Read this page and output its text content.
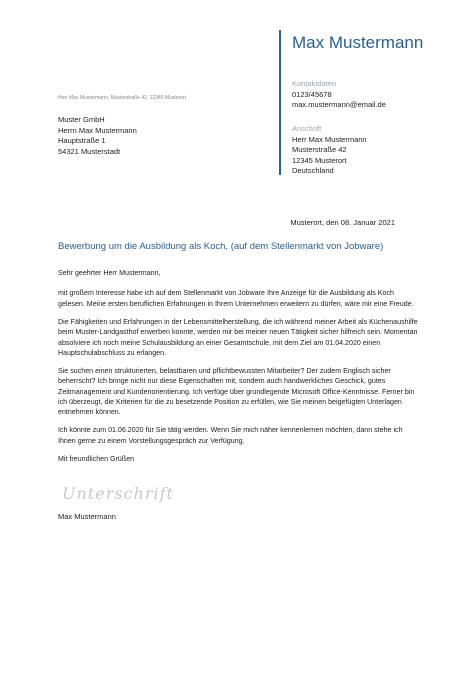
Max Mustermann
Kontaktdaten
0123/45678
max.mustermann@email.de
Anschrift
Herr Max Mustermann
Musterstraße 42
12345 Musterort
Deutschland
Herr Max Mustermann, Musterstraße 42, 12345 Musterort
Muster GmbH
Herrn Max Mustermann
Hauptstraße 1
54321 Musterstadt
Musterort, den 08. Januar 2021
Bewerbung um die Ausbildung als Koch, (auf dem Stellenmarkt von Jobware)

Sehr geehrter Herr Mustermann,

mit großem Interesse habe ich auf dem Stellenmarkt von Jobware Ihre Anzeige für die Ausbildung als Koch gelesen. Meine ersten beruflichen Erfahrungen in Ihrem Unternehmen erweitern zu dürfen, wäre mir eine Freude.

Die Fähigkeiten und Erfahrungen in der Lebensmittelherstellung, die ich während meiner Arbeit als Küchenaushilfe beim Muster-Landgasthof erwerben konnte, werden mir bei meiner neuen Tätigkeit sicher hilfreich sein. Momentan absolviere ich noch meine Schulausbildung an einer Gesamtschule, mit dem Ziel am 01.04.2020 einen Hauptschulabschluss zu erlangen.

Sie suchen einen strukturierten, belastbaren und pflichtbewussten Mitarbeiter? Der zudem Englisch sicher beherrscht? Ich bringe nicht nur diese Eigenschaften mit, sondern auch handwerkliches Geschick, gutes Zeitmanagement und Kundenorientierung. Ich verfüge über grundlegende Microsoft Office-Kenntnisse. Ferner bin ich überzeugt, die Kriterien für die zu besetzende Position zu erfüllen, wie Sie meinen beigefügten Unterlagen entnehmen können.

Ich könnte zum 01.06.2020 für Sie tätig werden. Wenn Sie mich näher kennenlernen möchten, dann stehe ich Ihnen gerne zu einem Vorstellungsgespräch zur Verfügung.

Mit freundlichen Grüßen

Unterschrift
Max Mustermann
